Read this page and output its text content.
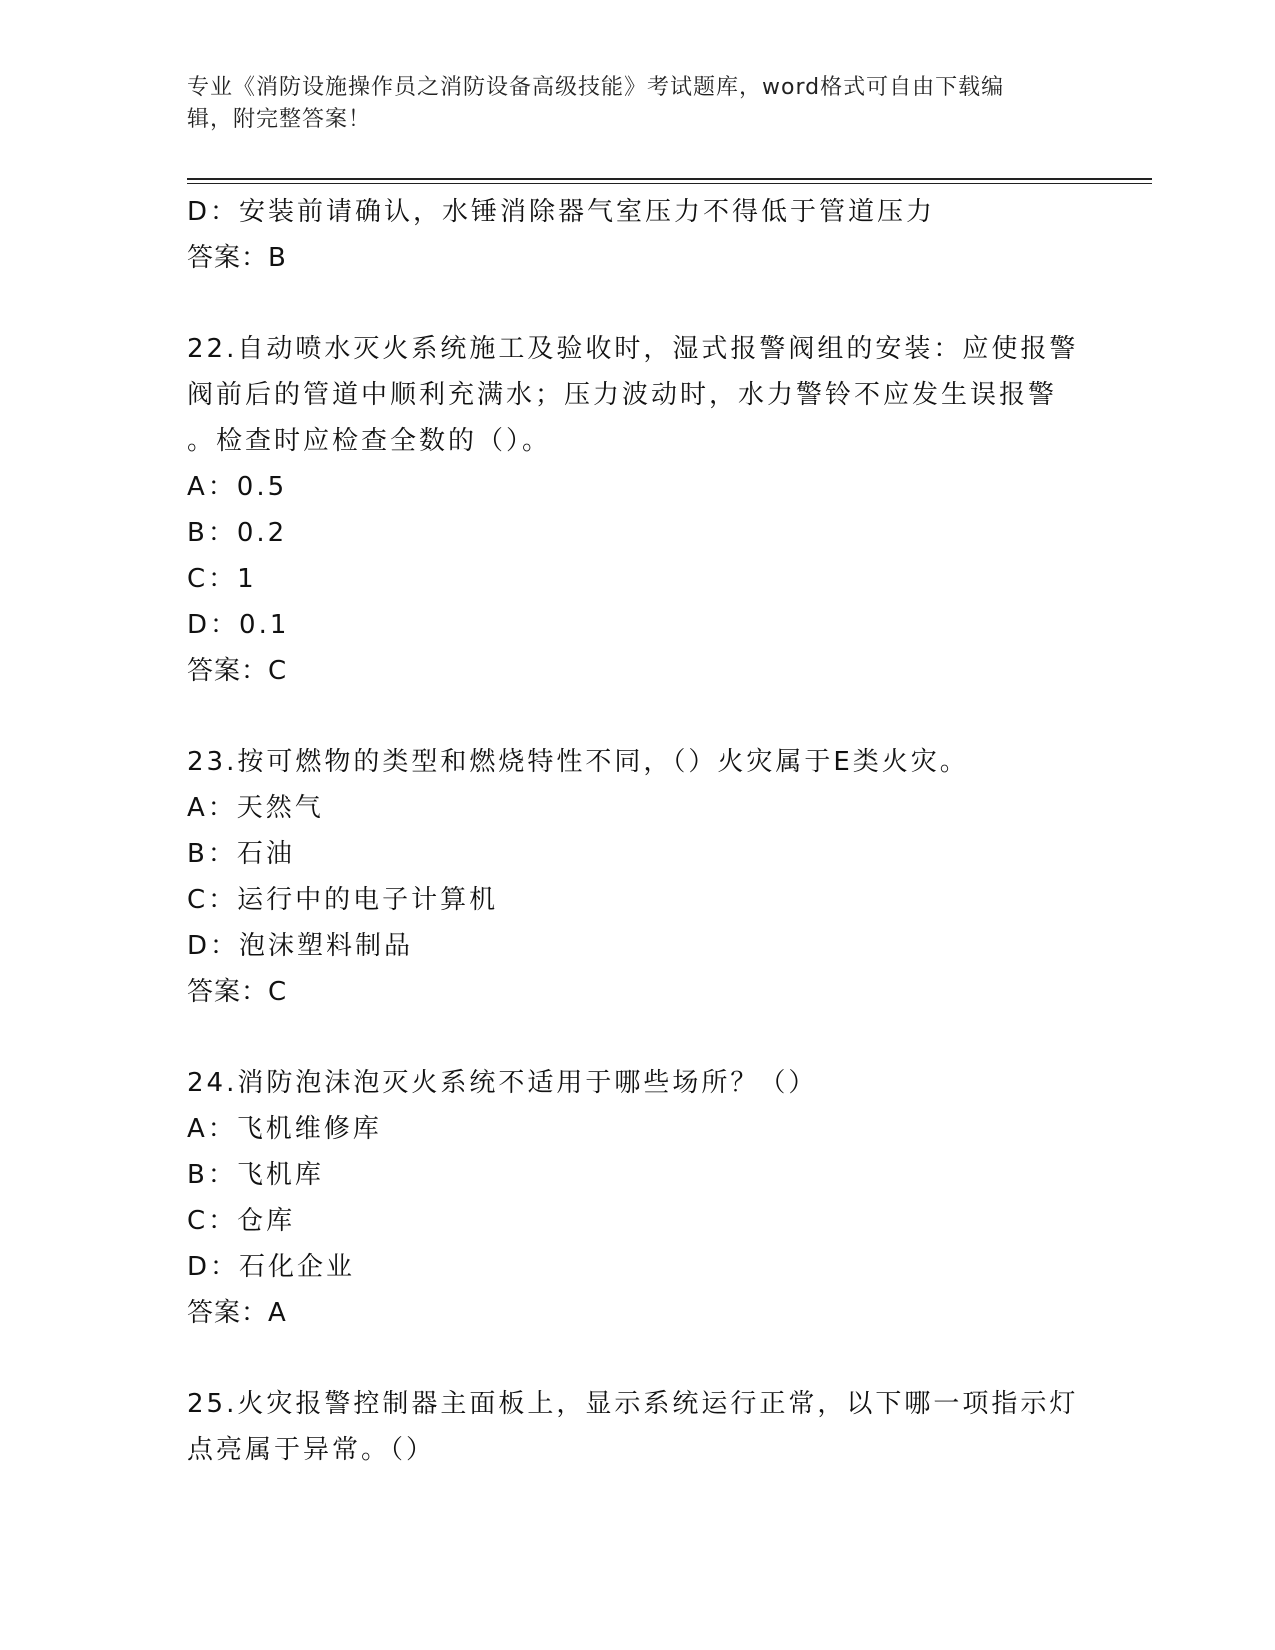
专业《消防设施操作员之消防设备高级技能》考试题库，word格式可自由下载编
辑，附完整答案！
D：安装前请确认，水锤消除器气室压力不得低于管道压力
答案：B
22.自动喷水灭火系统施工及验收时，湿式报警阀组的安装：应使报警
阀前后的管道中顺利充满水；压力波动时，水力警铃不应发生误报警
。检查时应检查全数的（）。
A：0.5
B：0.2
C：1
D：0.1
答案：C
23.按可燃物的类型和燃烧特性不同，（）火灾属于E类火灾。
A：天然气
B：石油
C：运行中的电子计算机
D：泡沫塑料制品
答案：C
24.消防泡沫泡灭火系统不适用于哪些场所？（）
A：飞机维修库
B：飞机库
C：仓库
D：石化企业
答案：A
25.火灾报警控制器主面板上，显示系统运行正常，以下哪一项指示灯
点亮属于异常。（）
